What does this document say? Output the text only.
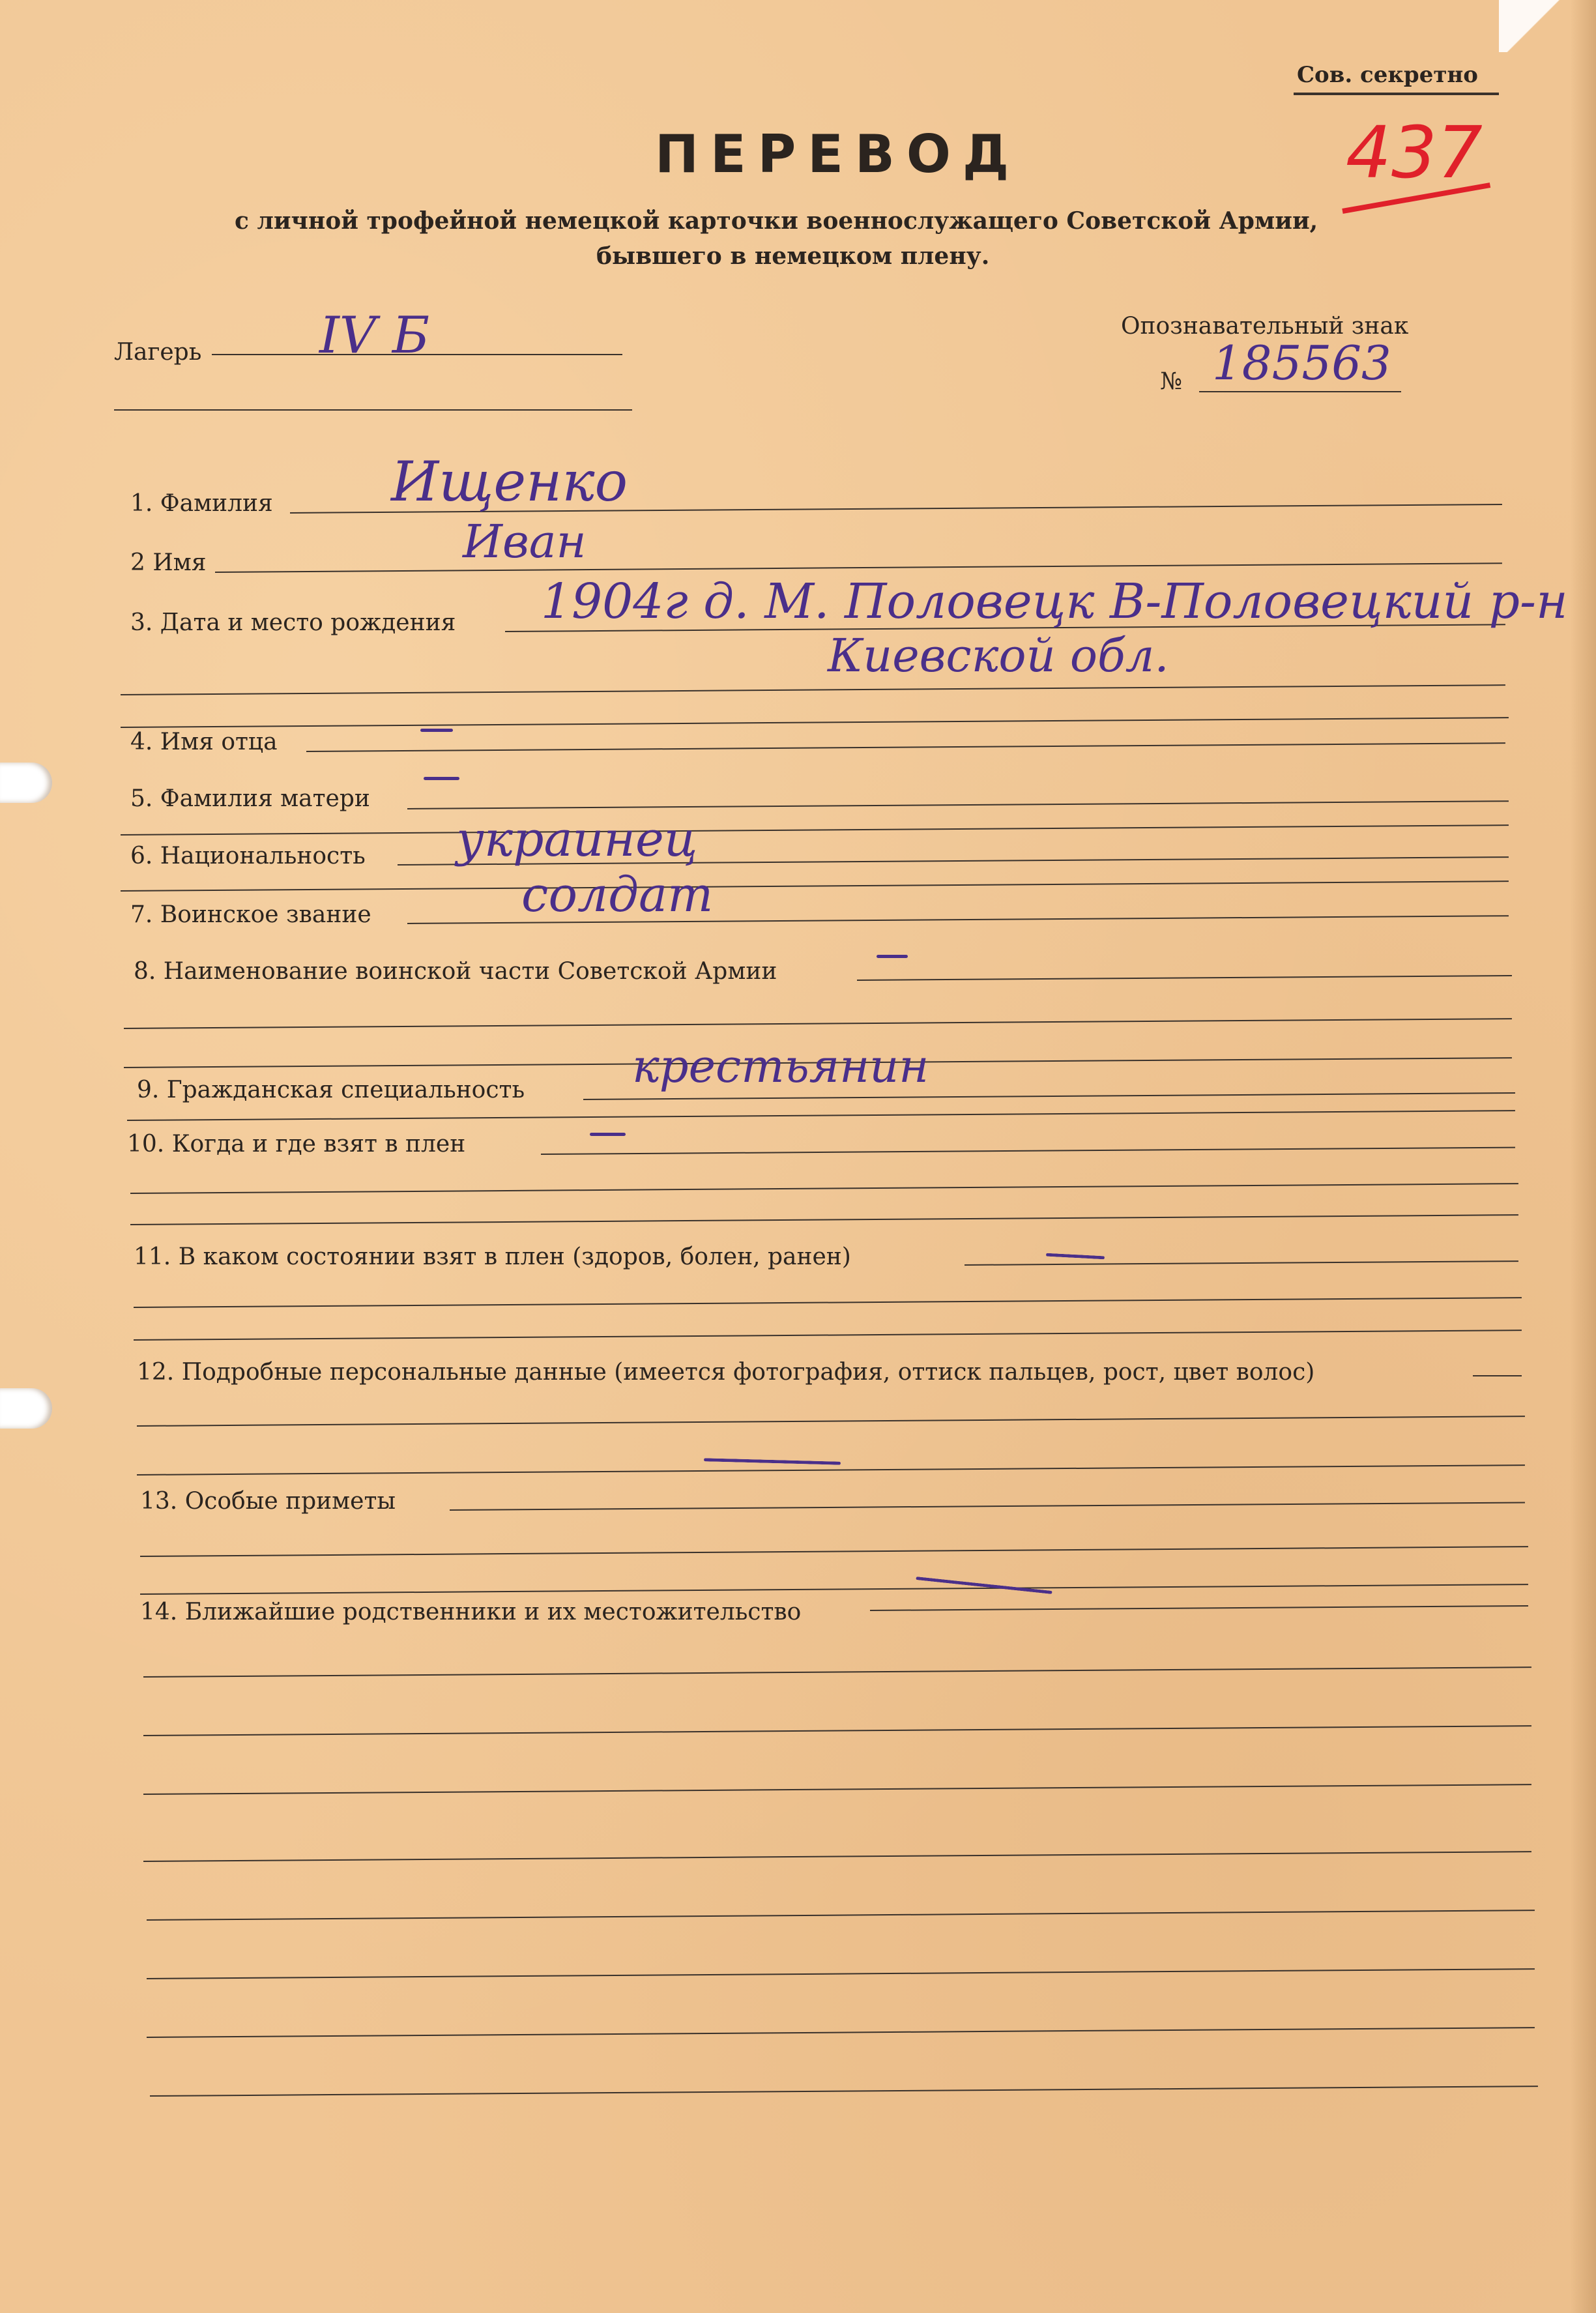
Сов. секретно
437
ПЕРЕВОД
с личной трофейной немецкой карточки военнослужащего Советской Армии,
бывшего в немецком плену.
Лагерь IV Б	Опознавательный знак
№ 185563
1. Фамилия Ищенко
2 Имя	Иван
3. Дата и место рождения 1904г д. М. Половецк В-Половецкий р-н
Киевской обл.
4. Имя отца
5. Фамилия матери
6. Национальность украинец
7. Воинское звание	солдат
8. Наименование воинской части Советской Армии
9. Гражданская специальность крестьянин
10. Когда и где взят в плен
11. В каком состоянии взят в плен (здоров, болен, ранен)
12. Подробные персональные данные (имеется фотография, оттиск пальцев, рост, цвет волос)
13. Особые приметы
14. Ближайшие родственники и их местожительство
